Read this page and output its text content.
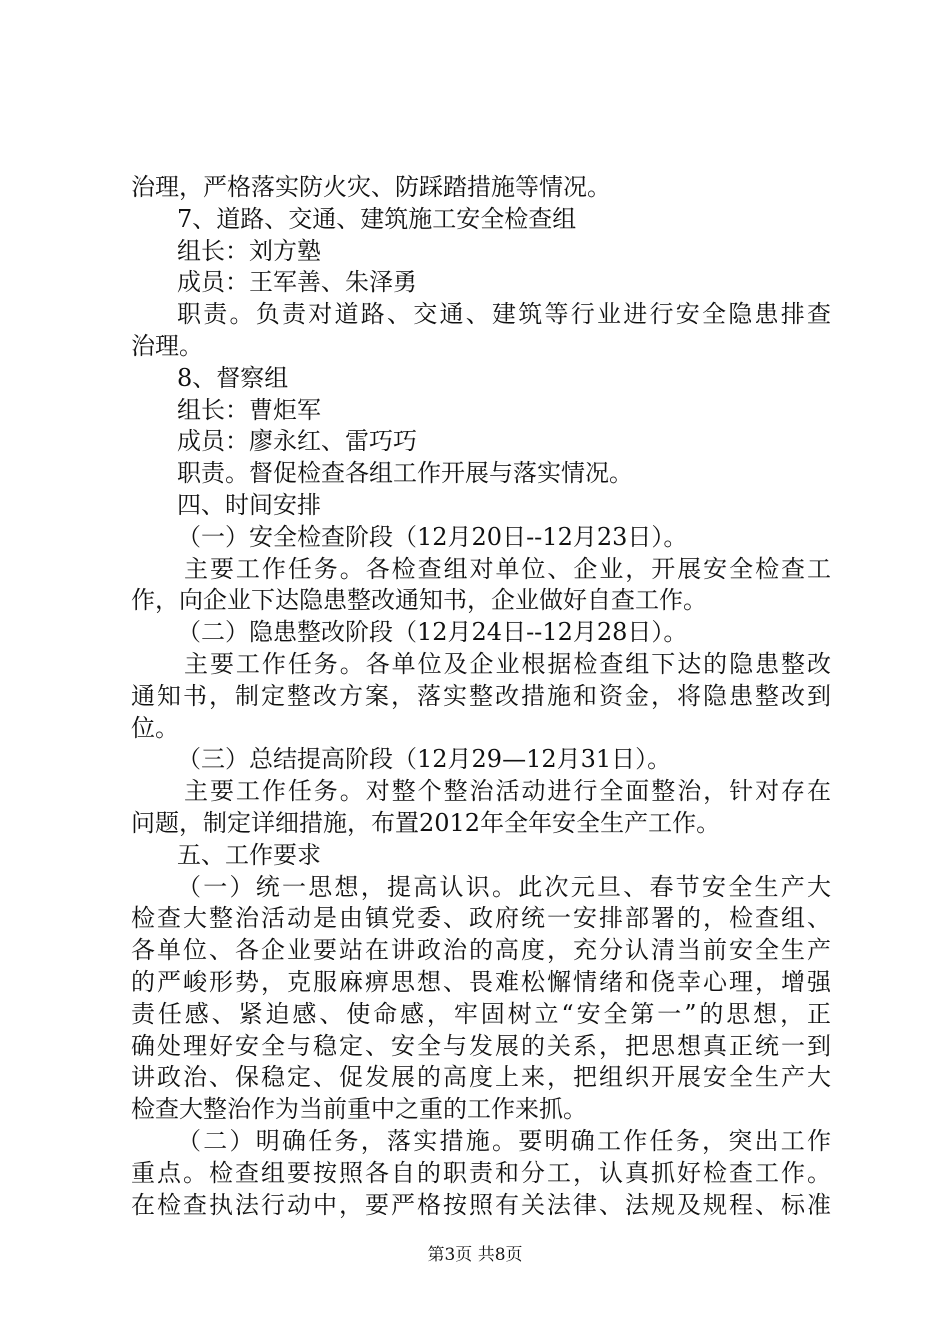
治理，严格落实防火灾、防踩踏措施等情况。
7、道路、交通、建筑施工安全检查组
组长：刘方塾
成员：王军善、朱泽勇
职责。负责对道路、交通、建筑等行业进行安全隐患排查
治理。
8、督察组
组长：曹炬军
成员：廖永红、雷巧巧
职责。督促检查各组工作开展与落实情况。
四、时间安排
（一）安全检查阶段（12月20日--12月23日）。
主要工作任务。各检查组对单位、企业，开展安全检查工
作，向企业下达隐患整改通知书，企业做好自查工作。
（二）隐患整改阶段（12月24日--12月28日）。
主要工作任务。各单位及企业根据检查组下达的隐患整改
通知书，制定整改方案，落实整改措施和资金，将隐患整改到
位。
（三）总结提高阶段（12月29—12月31日）。
主要工作任务。对整个整治活动进行全面整治，针对存在
问题，制定详细措施，布置2012年全年安全生产工作。
五、工作要求
（一）统一思想，提高认识。此次元旦、春节安全生产大
检查大整治活动是由镇党委、政府统一安排部署的，检查组、
各单位、各企业要站在讲政治的高度，充分认清当前安全生产
的严峻形势，克服麻痹思想、畏难松懈情绪和侥幸心理，增强
责任感、紧迫感、使命感，牢固树立“安全第一”的思想，正
确处理好安全与稳定、安全与发展的关系，把思想真正统一到
讲政治、保稳定、促发展的高度上来，把组织开展安全生产大
检查大整治作为当前重中之重的工作来抓。
（二）明确任务，落实措施。要明确工作任务，突出工作
重点。检查组要按照各自的职责和分工，认真抓好检查工作。
在检查执法行动中，要严格按照有关法律、法规及规程、标准
第3页 共8页
